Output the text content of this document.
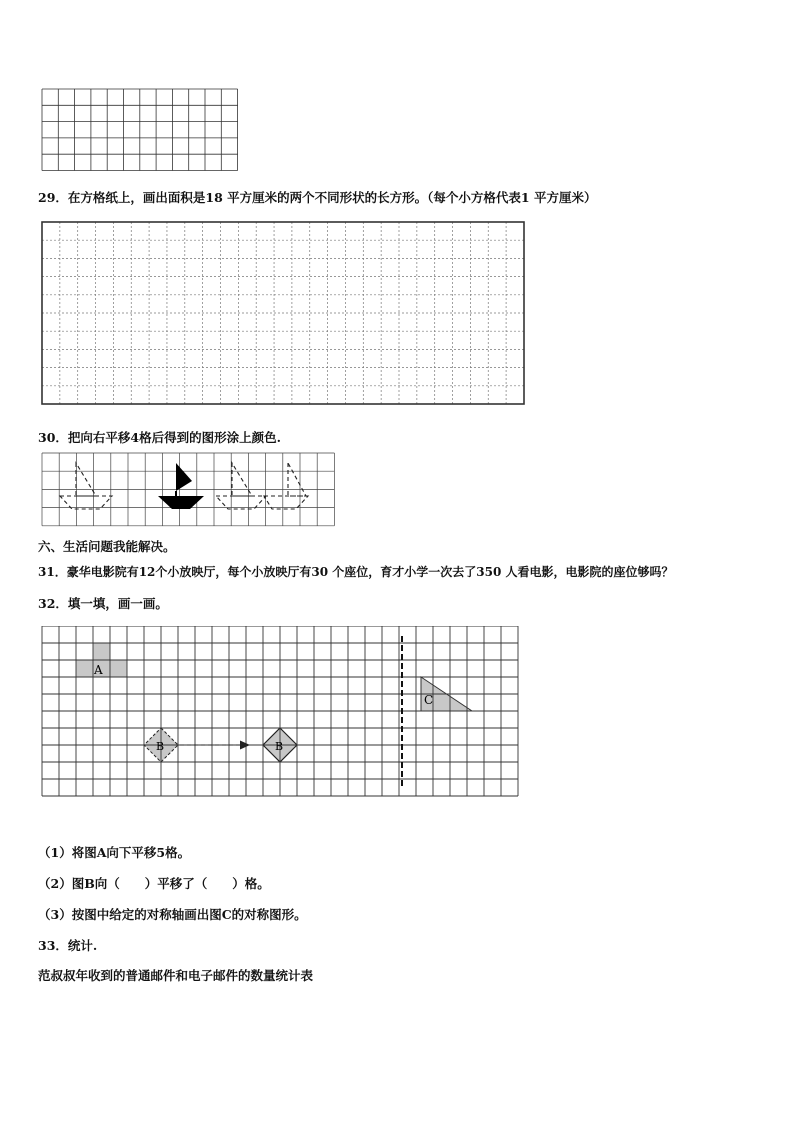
29．在方格纸上，画出面积是18 平方厘米的两个不同形状的长方形。（每个小方格代表1 平方厘米）
30．把向右平移4格后得到的图形涂上颜色.
六、生活问题我能解决。
31．豪华电影院有12个小放映厅，每个小放映厅有30 个座位，育才小学一次去了350 人看电影，电影院的座位够吗？
32．填一填，画一画。
A
B	B
C
（1）将图A向下平移5格。
（2）图B向（　　）平移了（　　）格。
（3）按图中给定的对称轴画出图C的对称图形。
33．统计.
范叔叔年收到的普通邮件和电子邮件的数量统计表
